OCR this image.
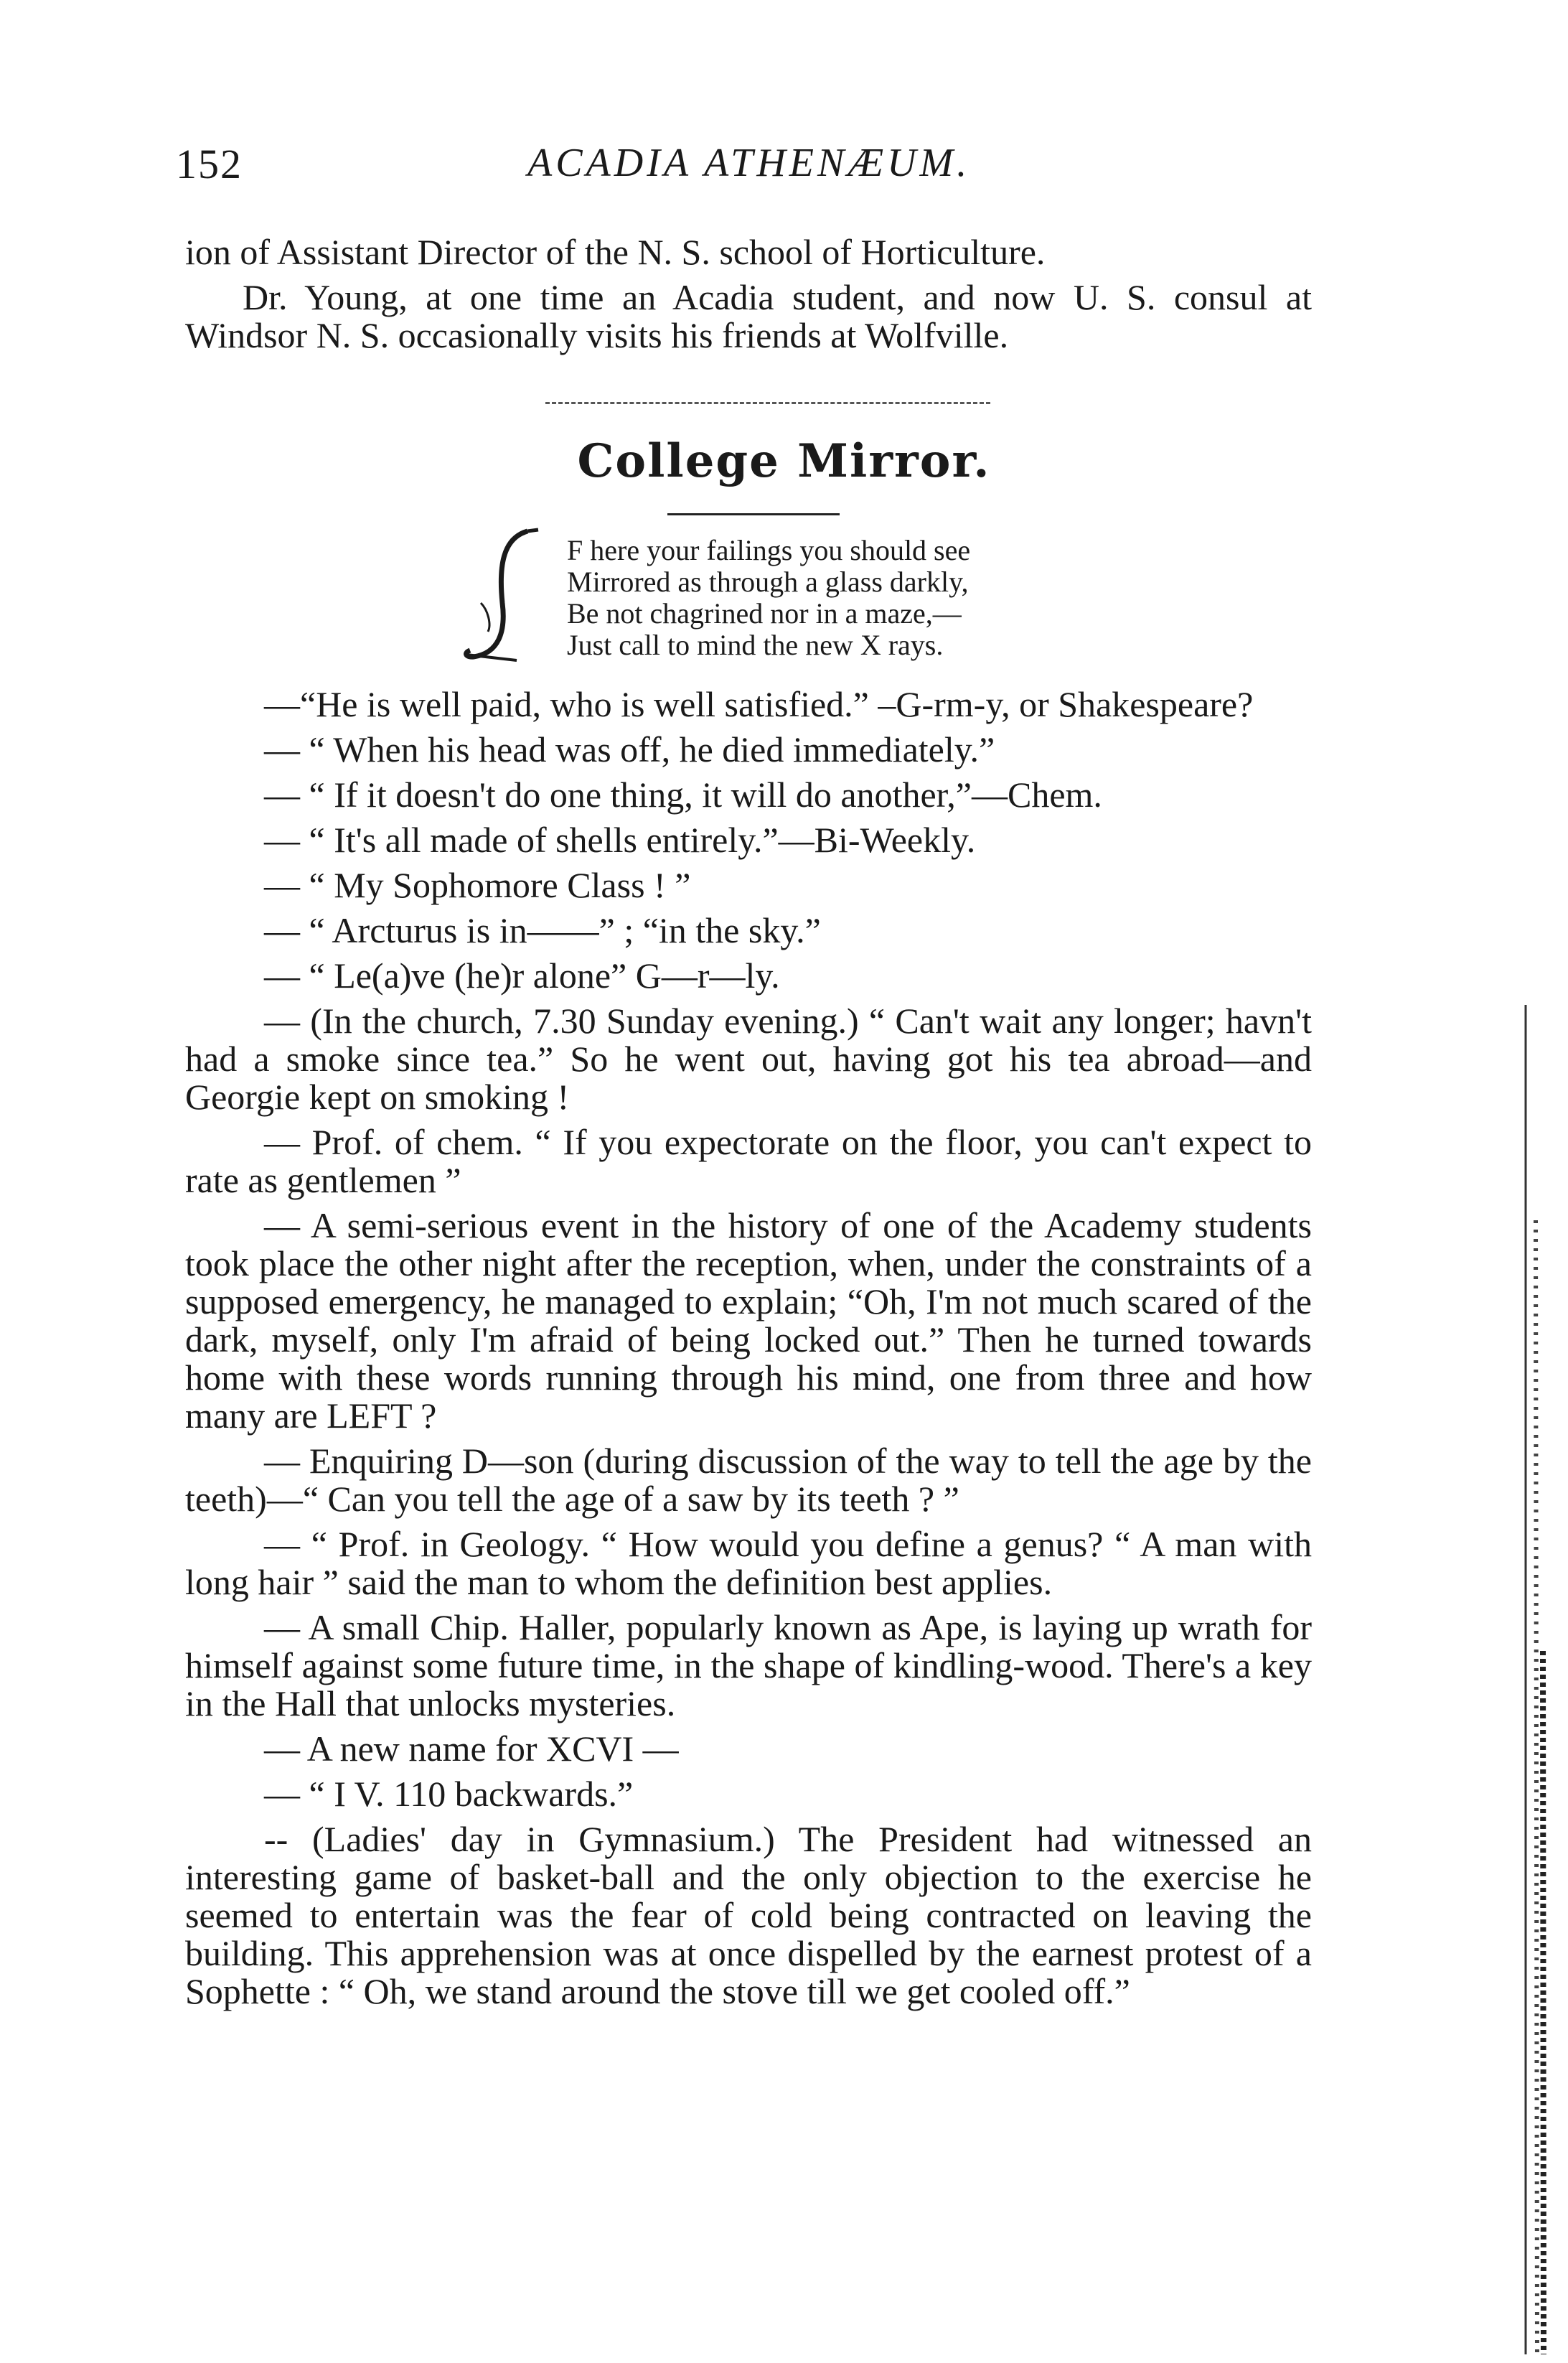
152	ACADIA ATHENÆUM.

ion of Assistant Director of the N. S. school of Horticulture.

Dr. Young, at one time an Acadia student, and now U. S. consul at Windsor N. S. occasionally visits his friends at Wolfville.

College Mirror.
F here your failings you should see
Mirrored as through a glass darkly,
Be not chagrined nor in a maze,—
Just call to mind the new X rays.

—“He is well paid, who is well satisfied.” –G-rm-y, or Shakespeare?

— “ When his head was off, he died immediately.”

— “ If it doesn't do one thing, it will do another,”—Chem.

— “ It's all made of shells entirely.”—Bi-Weekly.

— “ My Sophomore Class ! ”

— “ Arcturus is in——” ; “in the sky.”

— “ Le(a)ve (he)r alone” G—r—ly.

— (In the church, 7.30 Sunday evening.) “ Can't wait any longer; havn't had a smoke since tea.” So he went out, having got his tea abroad—and Georgie kept on smoking !

— Prof. of chem. “ If you expectorate on the floor, you can't expect to rate as gentlemen ”

— A semi-serious event in the history of one of the Academy students took place the other night after the reception, when, under the constraints of a supposed emergency, he managed to explain; “Oh, I'm not much scared of the dark, myself, only I'm afraid of being locked out.” Then he turned towards home with these words running through his mind, one from three and how many are LEFT ?

— Enquiring D—son (during discussion of the way to tell the age by the teeth)—“ Can you tell the age of a saw by its teeth ? ”

— “ Prof. in Geology. “ How would you define a genus? “ A man with long hair ” said the man to whom the definition best applies.

— A small Chip. Haller, popularly known as Ape, is laying up wrath for himself against some future time, in the shape of kindling-wood. There's a key in the Hall that unlocks mysteries.

— A new name for XCVI —

— “ I V. 110 backwards.”

-- (Ladies' day in Gymnasium.) The President had witnessed an interesting game of basket-ball and the only objection to the exercise he seemed to entertain was the fear of cold being contracted on leaving the building. This apprehension was at once dispelled by the earnest protest of a Sophette : “ Oh, we stand around the stove till we get cooled off.”
